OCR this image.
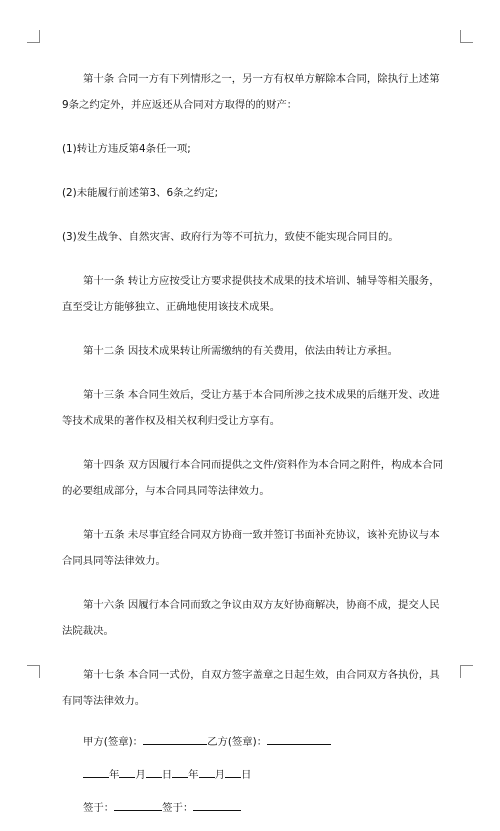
第十条 合同一方有下列情形之一，另一方有权单方解除本合同，除执行上述第9条之约定外，并应返还从合同对方取得的的财产：

(1)转让方违反第4条任一项;

(2)未能履行前述第3、6条之约定;

(3)发生战争、自然灾害、政府行为等不可抗力，致使不能实现合同目的。

第十一条 转让方应按受让方要求提供技术成果的技术培训、辅导等相关服务，直至受让方能够独立、正确地使用该技术成果。

第十二条 因技术成果转让所需缴纳的有关费用，依法由转让方承担。

第十三条 本合同生效后，受让方基于本合同所涉之技术成果的后继开发、改进等技术成果的著作权及相关权利归受让方享有。

第十四条 双方因履行本合同而提供之文件/资料作为本合同之附件，构成本合同的必要组成部分，与本合同具同等法律效力。

第十五条 未尽事宜经合同双方协商一致并签订书面补充协议，该补充协议与本合同具同等法律效力。

第十六条 因履行本合同而致之争议由双方友好协商解决，协商不成，提交人民法院裁决。

第十七条 本合同一式份，自双方签字盖章之日起生效，由合同双方各执份，具有同等法律效力。

甲方(签章)：	乙方(签章)：
年 月 日 年 月 日
签于：	签于：
